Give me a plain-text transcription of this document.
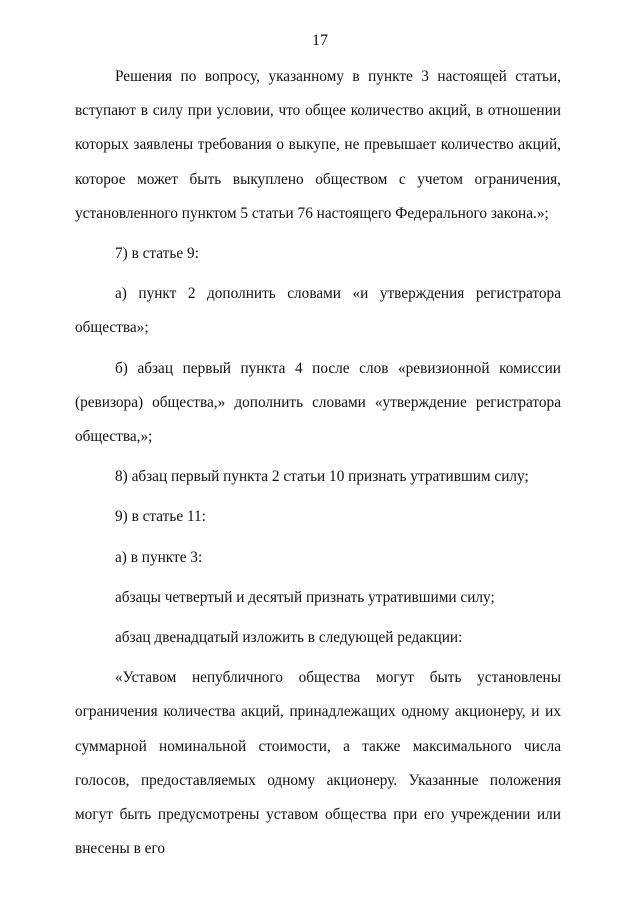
17

Решения по вопросу, указанному в пункте 3 настоящей статьи, вступают в силу при условии, что общее количество акций, в отношении которых заявлены требования о выкупе, не превышает количество акций, которое может быть выкуплено обществом с учетом ограничения, установленного пунктом 5 статьи 76 настоящего Федерального закона.»;

7) в статье 9:

а) пункт 2 дополнить словами «и утверждения регистратора общества»;

б) абзац первый пункта 4 после слов «ревизионной комиссии (ревизора) общества,» дополнить словами «утверждение регистратора общества,»;

8) абзац первый пункта 2 статьи 10 признать утратившим силу;

9) в статье 11:

а) в пункте 3:

абзацы четвертый и десятый признать утратившими силу;

абзац двенадцатый изложить в следующей редакции:

«Уставом непубличного общества могут быть установлены ограничения количества акций, принадлежащих одному акционеру, и их суммарной номинальной стоимости, а также максимального числа голосов, предоставляемых одному акционеру. Указанные положения могут быть предусмотрены уставом общества при его учреждении или внесены в его
